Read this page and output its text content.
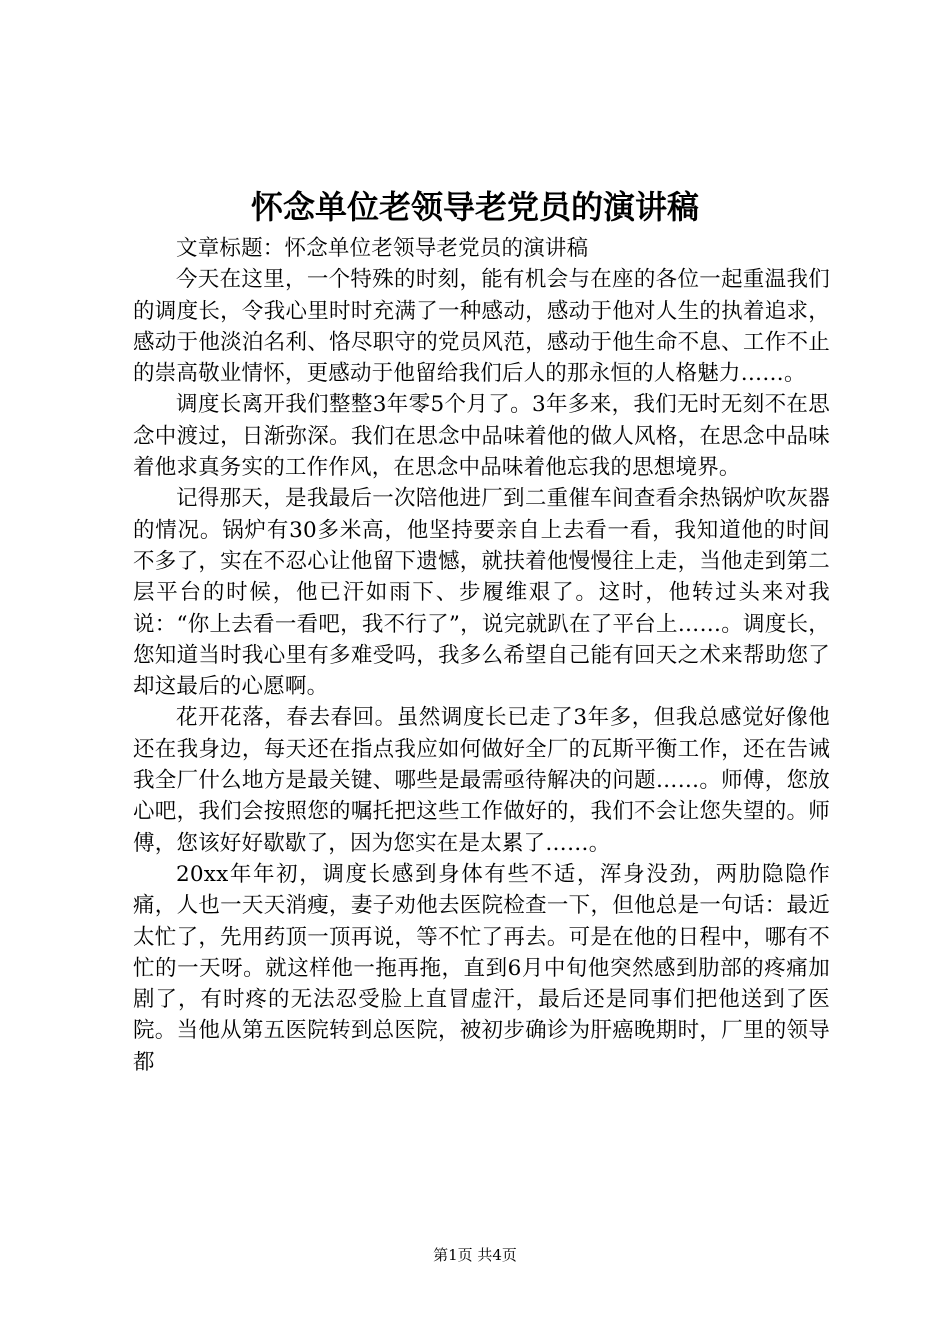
怀念单位老领导老党员的演讲稿

文章标题：怀念单位老领导老党员的演讲稿

今天在这里，一个特殊的时刻，能有机会与在座的各位一起重温我们的调度长，令我心里时时充满了一种感动，感动于他对人生的执着追求，感动于他淡泊名利、恪尽职守的党员风范，感动于他生命不息、工作不止的崇高敬业情怀，更感动于他留给我们后人的那永恒的人格魅力……。

调度长离开我们整整3年零5个月了。3年多来，我们无时无刻不在思念中渡过，日渐弥深。我们在思念中品味着他的做人风格，在思念中品味着他求真务实的工作作风，在思念中品味着他忘我的思想境界。

记得那天，是我最后一次陪他进厂到二重催车间查看余热锅炉吹灰器的情况。锅炉有30多米高，他坚持要亲自上去看一看，我知道他的时间不多了，实在不忍心让他留下遗憾，就扶着他慢慢往上走，当他走到第二层平台的时候，他已汗如雨下、步履维艰了。这时，他转过头来对我说：“你上去看一看吧，我不行了”，说完就趴在了平台上……。调度长，您知道当时我心里有多难受吗，我多么希望自己能有回天之术来帮助您了却这最后的心愿啊。

花开花落，春去春回。虽然调度长已走了3年多，但我总感觉好像他还在我身边，每天还在指点我应如何做好全厂的瓦斯平衡工作，还在告诫我全厂什么地方是最关键、哪些是最需亟待解决的问题……。师傅，您放心吧，我们会按照您的嘱托把这些工作做好的，我们不会让您失望的。师傅，您该好好歇歇了，因为您实在是太累了……。

20xx年年初，调度长感到身体有些不适，浑身没劲，两肋隐隐作痛，人也一天天消瘦，妻子劝他去医院检查一下，但他总是一句话：最近太忙了，先用药顶一顶再说，等不忙了再去。可是在他的日程中，哪有不忙的一天呀。就这样他一拖再拖，直到6月中旬他突然感到肋部的疼痛加剧了，有时疼的无法忍受脸上直冒虚汗，最后还是同事们把他送到了医院。当他从第五医院转到总医院，被初步确诊为肝癌晚期时，厂里的领导都

第1页 共4页
